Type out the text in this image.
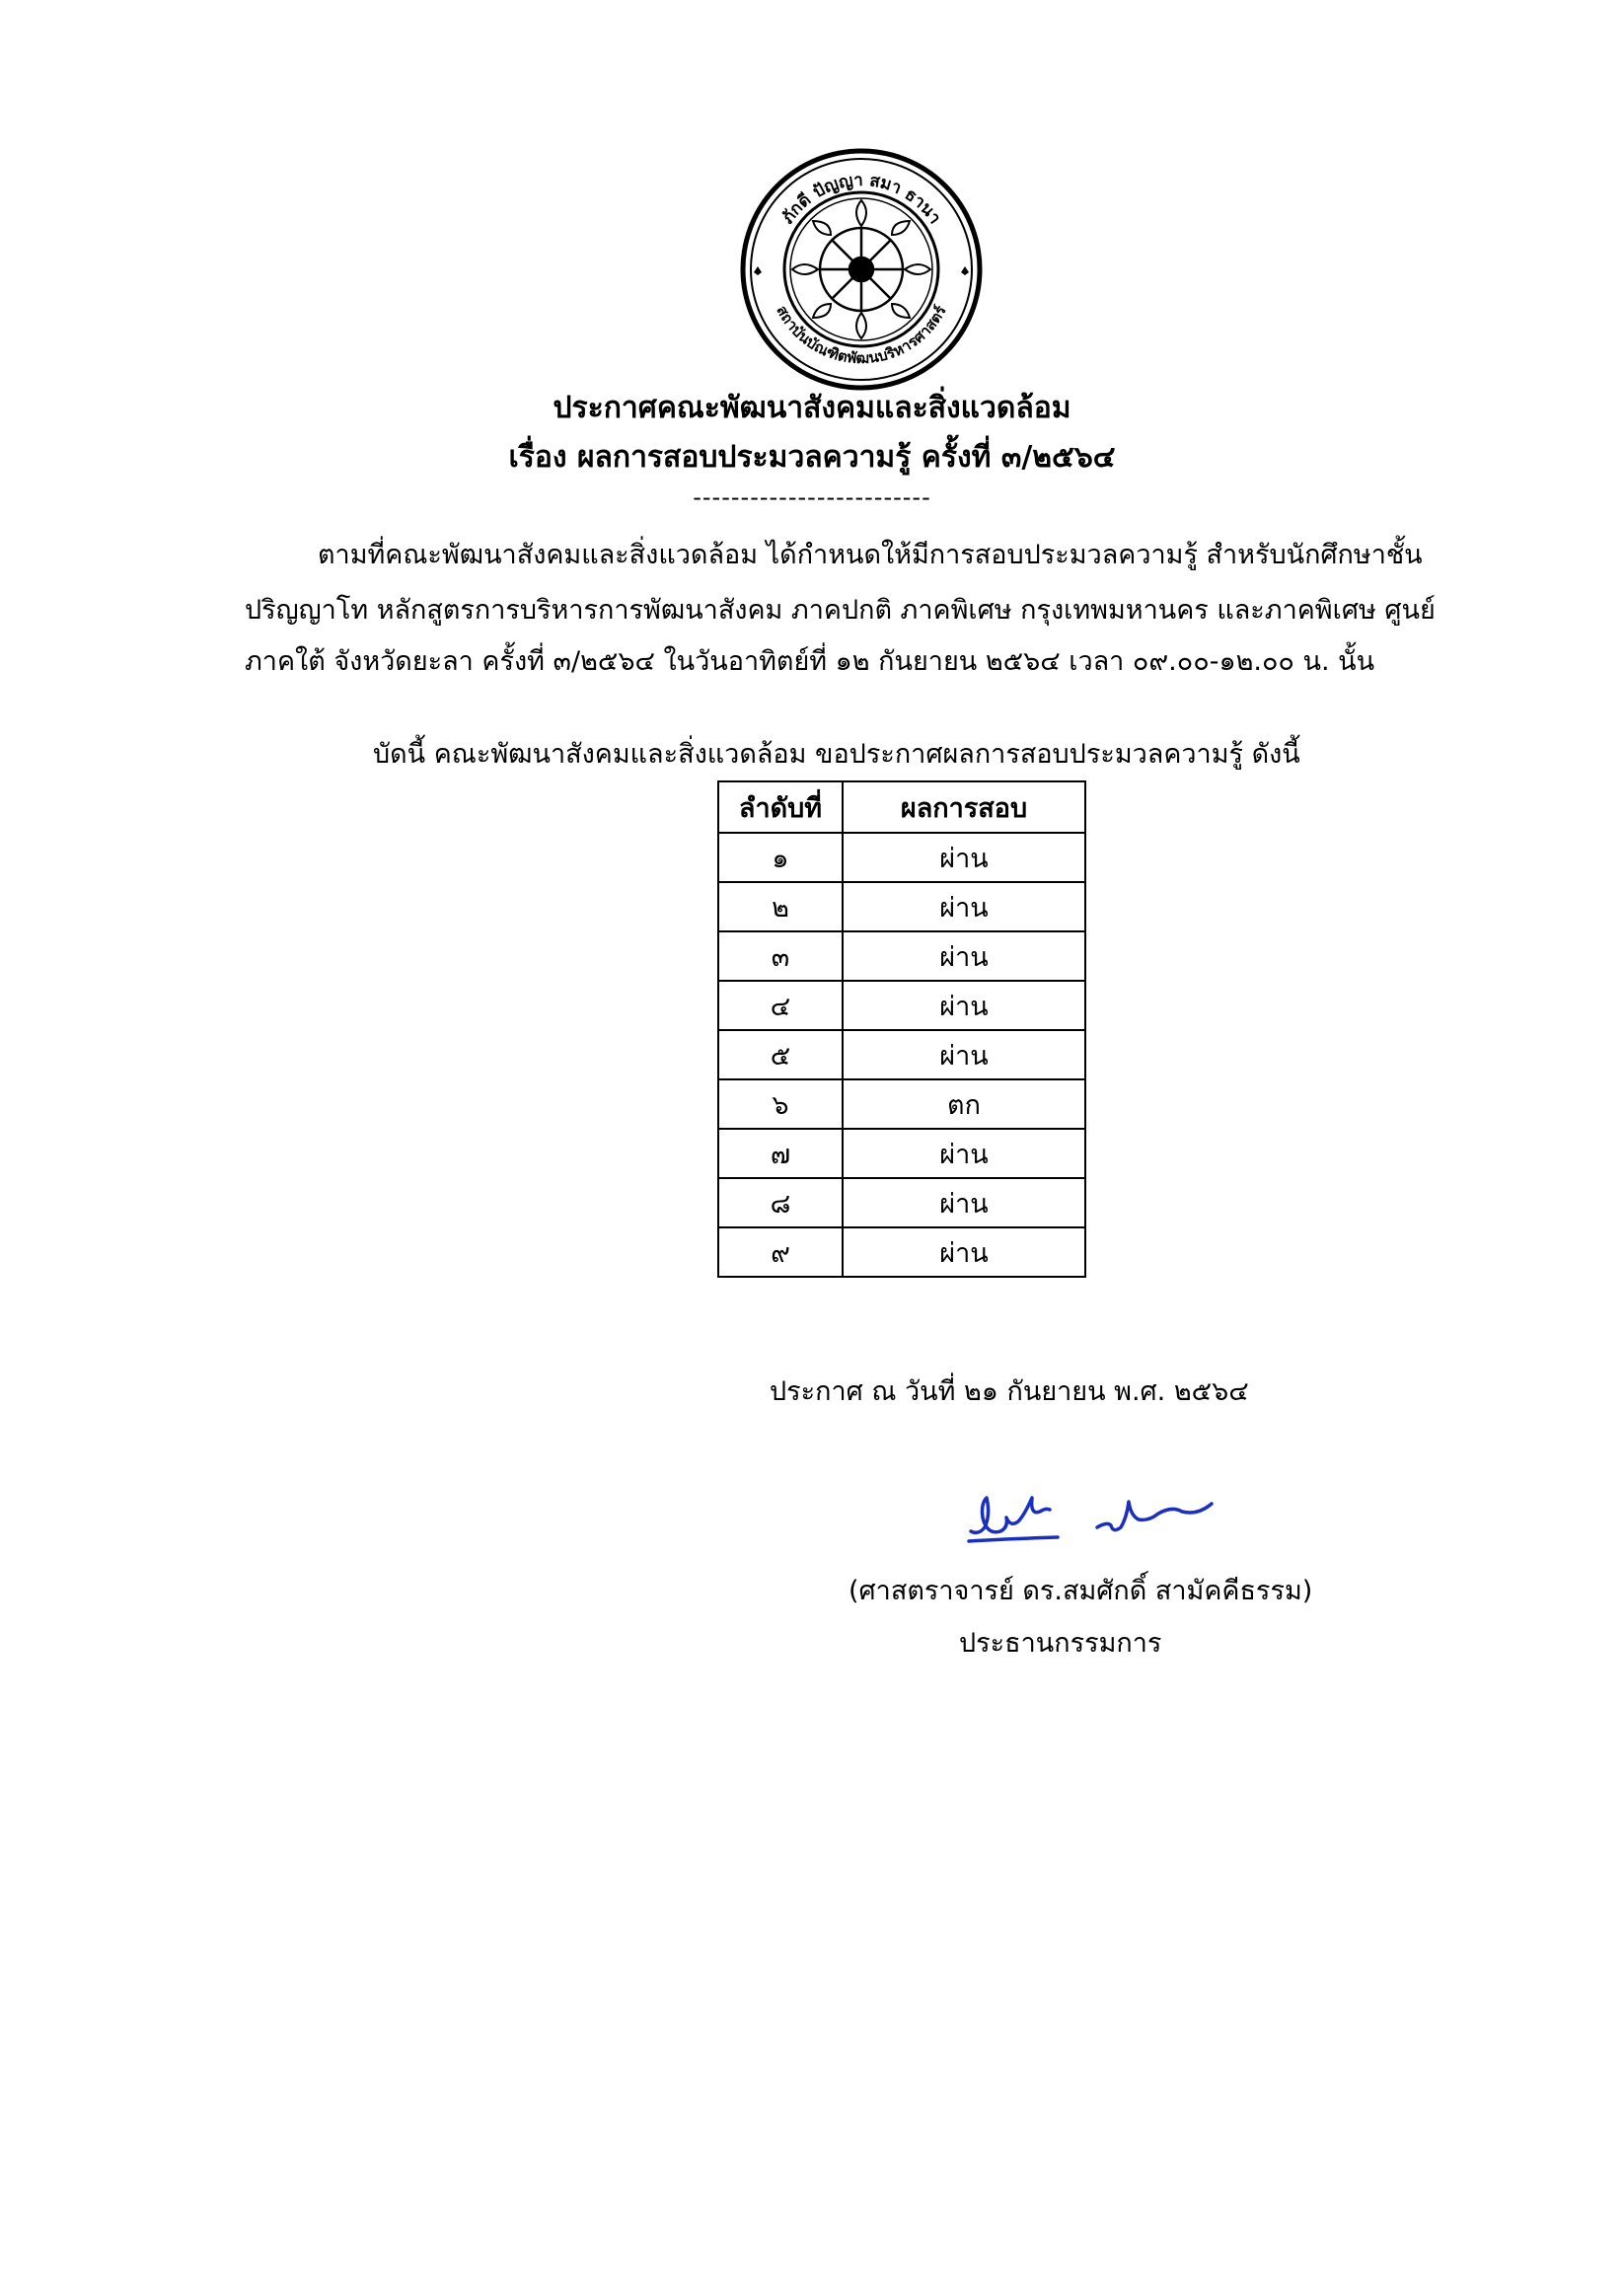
ภักดี ปัญญา สมา ธานา
สถาบันบัณฑิตพัฒนบริหารศาสตร์
ประกาศคณะพัฒนาสังคมและสิ่งแวดล้อม
เรื่อง ผลการสอบประมวลความรู้ ครั้งที่ ๓/๒๕๖๔
-------------------------
ตามที่คณะพัฒนาสังคมและสิ่งแวดล้อม ได้กำหนดให้มีการสอบประมวลความรู้ สำหรับนักศึกษาชั้น
ปริญญาโท หลักสูตรการบริหารการพัฒนาสังคม ภาคปกติ ภาคพิเศษ กรุงเทพมหานคร และภาคพิเศษ ศูนย์
ภาคใต้ จังหวัดยะลา ครั้งที่ ๓/๒๕๖๔ ในวันอาทิตย์ที่ ๑๒ กันยายน ๒๕๖๔ เวลา ๐๙.๐๐-๑๒.๐๐ น. นั้น
บัดนี้ คณะพัฒนาสังคมและสิ่งแวดล้อม ขอประกาศผลการสอบประมวลความรู้ ดังนี้
ลำดับที่	ผลการสอบ
๑	ผ่าน
๒	ผ่าน
๓	ผ่าน
๔	ผ่าน
๕	ผ่าน
๖	ตก
๗	ผ่าน
๘	ผ่าน
๙	ผ่าน
ประกาศ ณ วันที่ ๒๑ กันยายน พ.ศ. ๒๕๖๔
(ศาสตราจารย์ ดร.สมศักดิ์ สามัคคีธรรม)
ประธานกรรมการ
